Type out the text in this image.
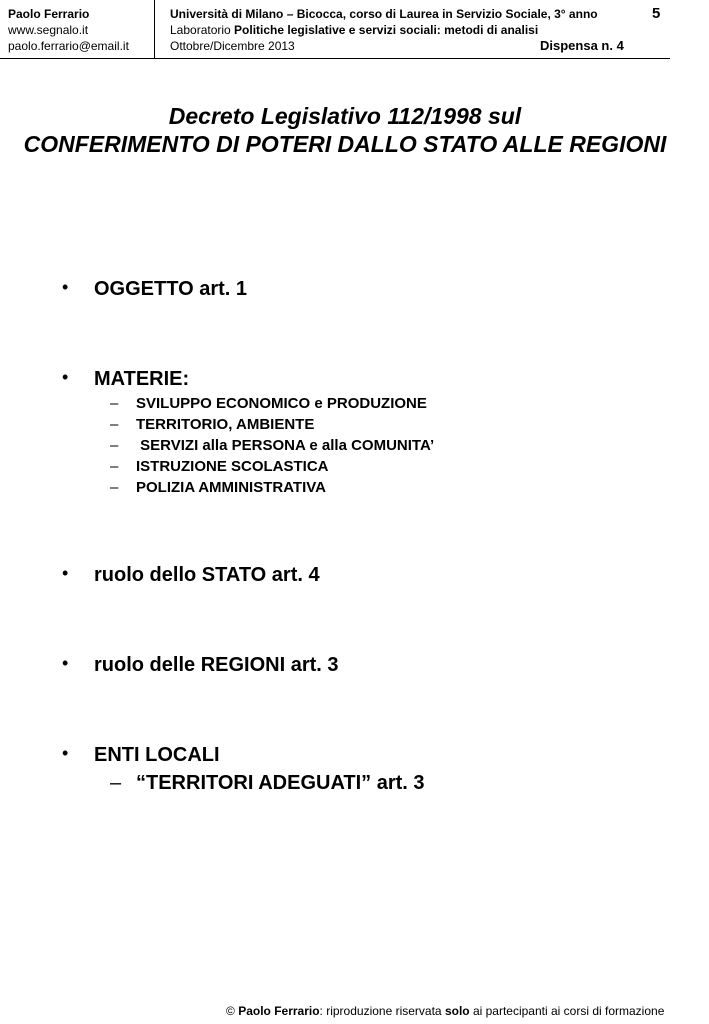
Paolo Ferrario
www.segnalo.it
paolo.ferrario@email.it
Università di Milano – Bicocca, corso di Laurea in Servizio Sociale, 3° anno
Laboratorio Politiche legislative e servizi sociali: metodi di analisi
Ottobre/Dicembre 2013
5
Dispensa n. 4
Decreto Legislativo 112/1998 sul
CONFERIMENTO DI POTERI DALLO STATO ALLE REGIONI
• OGGETTO art. 1
• MATERIE:
– SVILUPPO ECONOMICO e PRODUZIONE
– TERRITORIO, AMBIENTE
– SERVIZI alla PERSONA e alla COMUNITA’
– ISTRUZIONE SCOLASTICA
– POLIZIA AMMINISTRATIVA
• ruolo dello STATO art. 4
• ruolo delle REGIONI art. 3
• ENTI LOCALI
– “TERRITORI ADEGUATI” art. 3
© Paolo Ferrario: riproduzione riservata solo ai partecipanti ai corsi di formazione
